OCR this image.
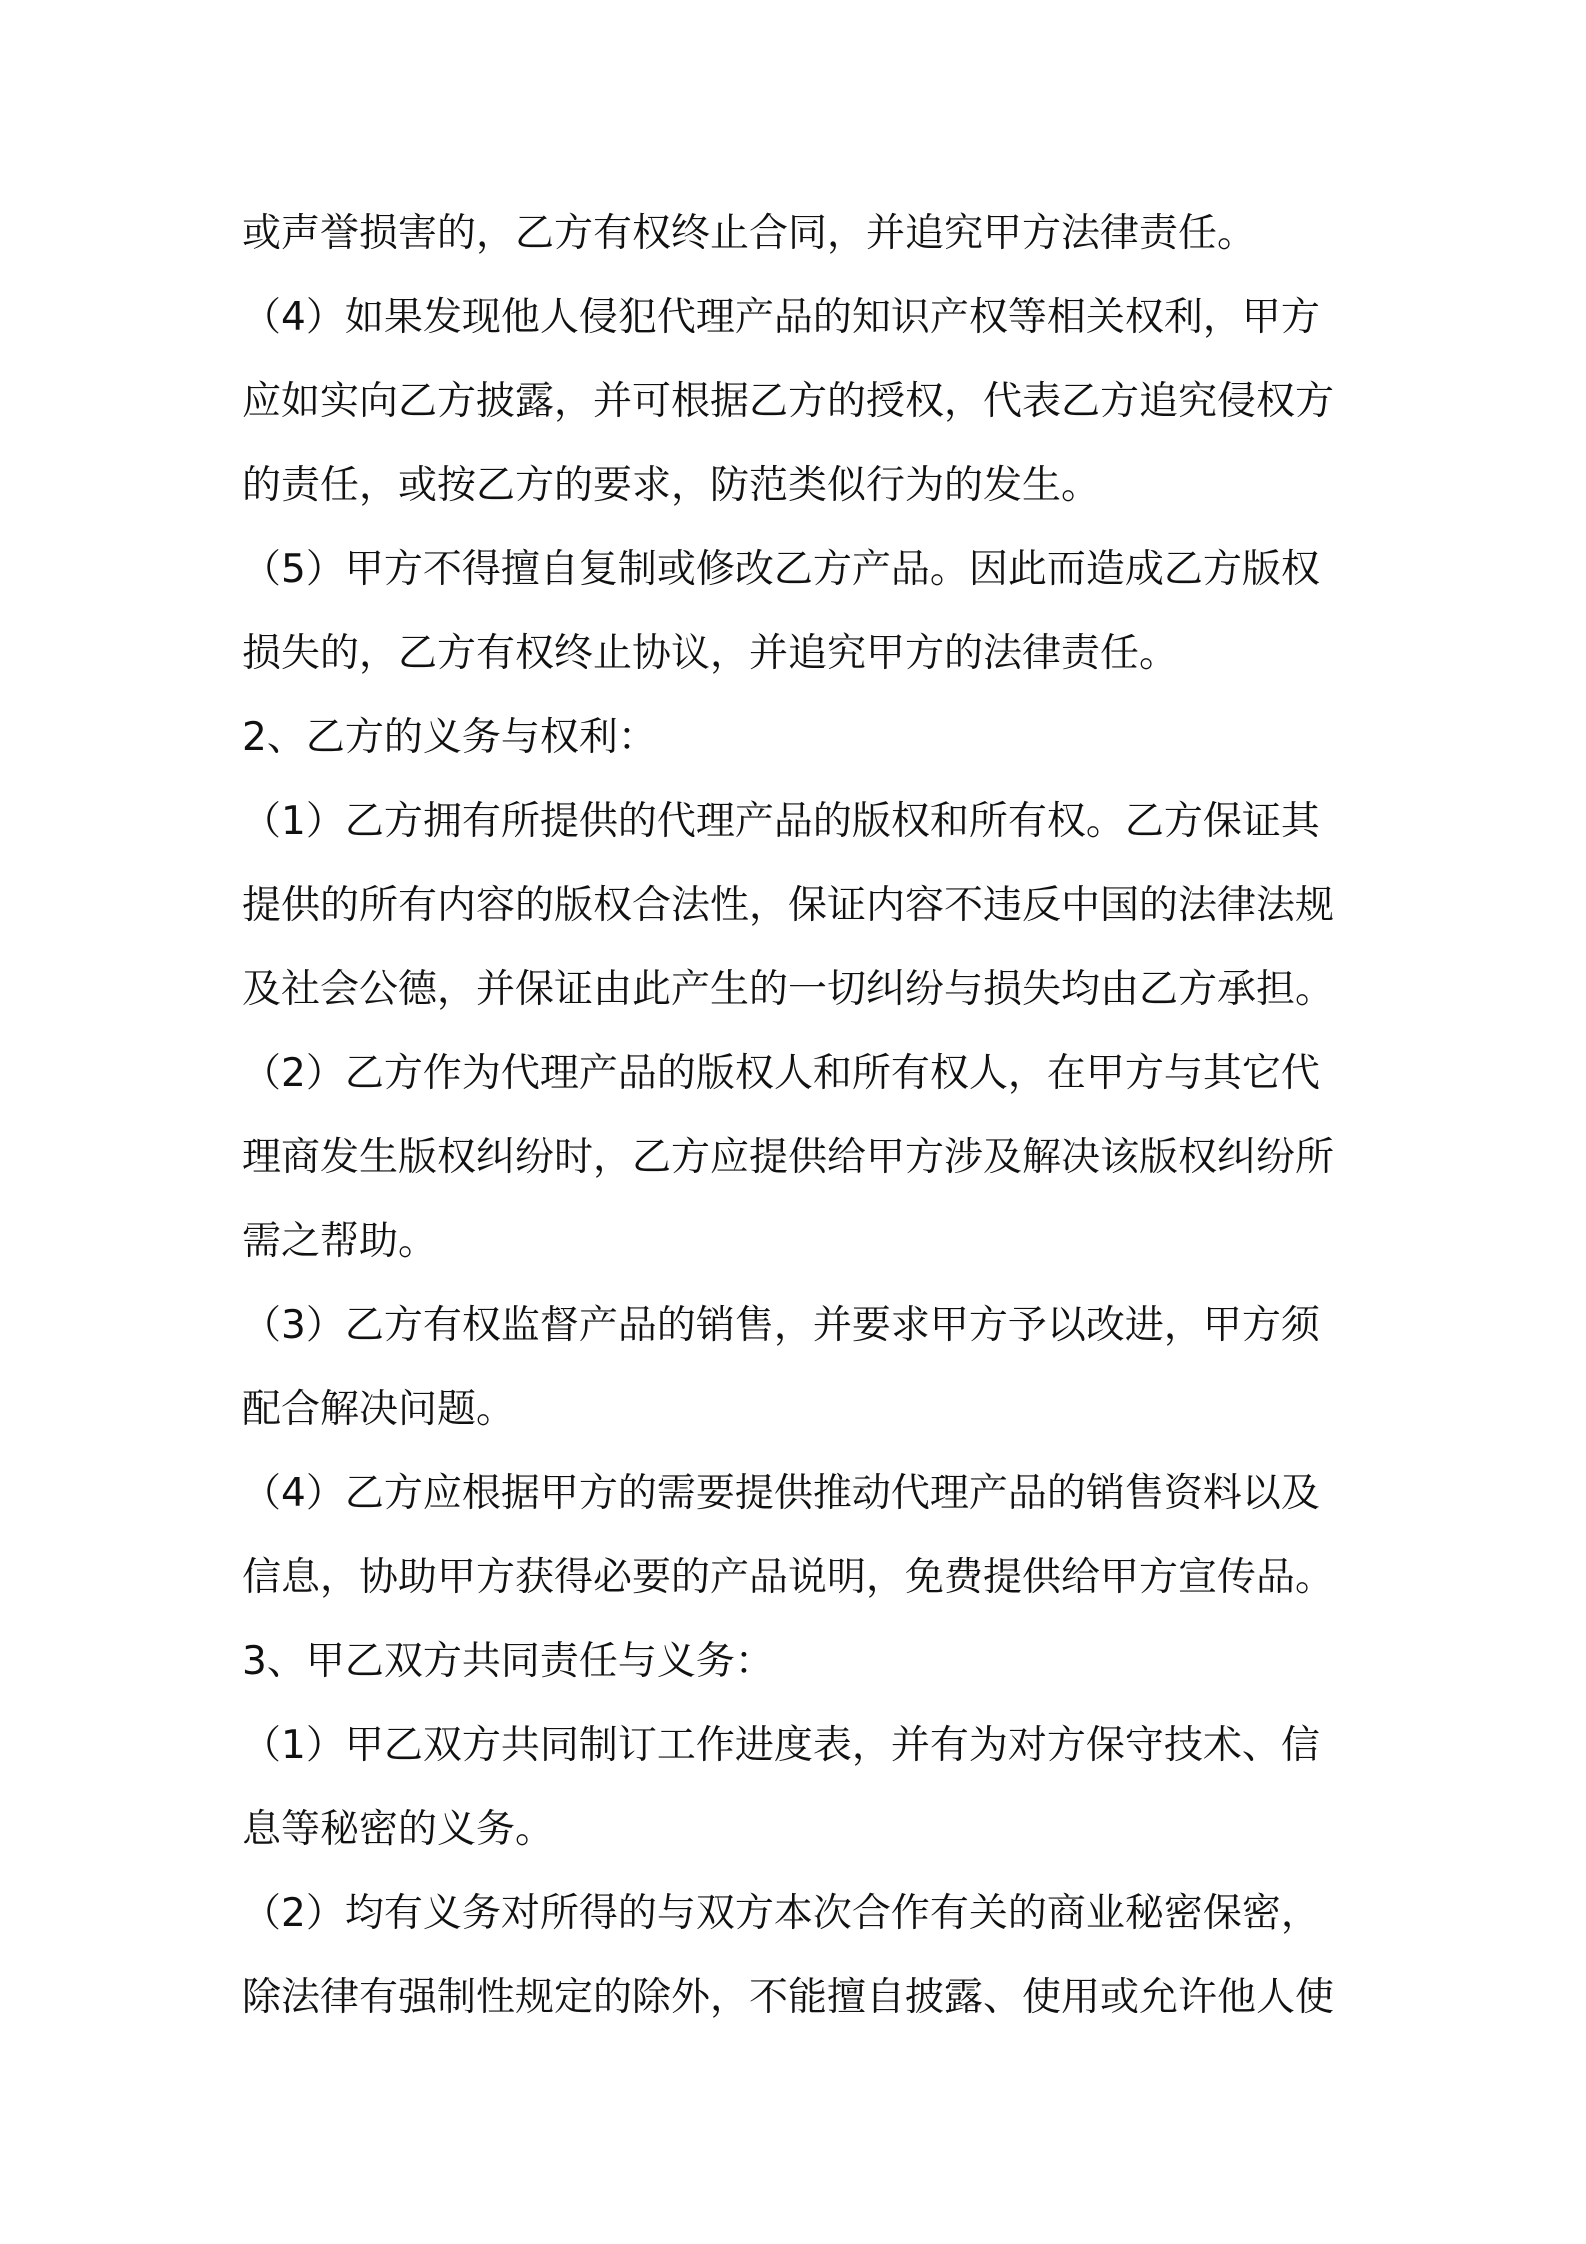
或声誉损害的，乙方有权终止合同，并追究甲方法律责任。
（4）如果发现他人侵犯代理产品的知识产权等相关权利，甲方
应如实向乙方披露，并可根据乙方的授权，代表乙方追究侵权方
的责任，或按乙方的要求，防范类似行为的发生。
（5）甲方不得擅自复制或修改乙方产品。因此而造成乙方版权
损失的，乙方有权终止协议，并追究甲方的法律责任。
2、乙方的义务与权利：
（1）乙方拥有所提供的代理产品的版权和所有权。乙方保证其
提供的所有内容的版权合法性，保证内容不违反中国的法律法规
及社会公德，并保证由此产生的一切纠纷与损失均由乙方承担。
（2）乙方作为代理产品的版权人和所有权人，在甲方与其它代
理商发生版权纠纷时，乙方应提供给甲方涉及解决该版权纠纷所
需之帮助。
（3）乙方有权监督产品的销售，并要求甲方予以改进，甲方须
配合解决问题。
（4）乙方应根据甲方的需要提供推动代理产品的销售资料以及
信息，协助甲方获得必要的产品说明，免费提供给甲方宣传品。
3、甲乙双方共同责任与义务：
（1）甲乙双方共同制订工作进度表，并有为对方保守技术、信
息等秘密的义务。
（2）均有义务对所得的与双方本次合作有关的商业秘密保密，
除法律有强制性规定的除外，不能擅自披露、使用或允许他人使
